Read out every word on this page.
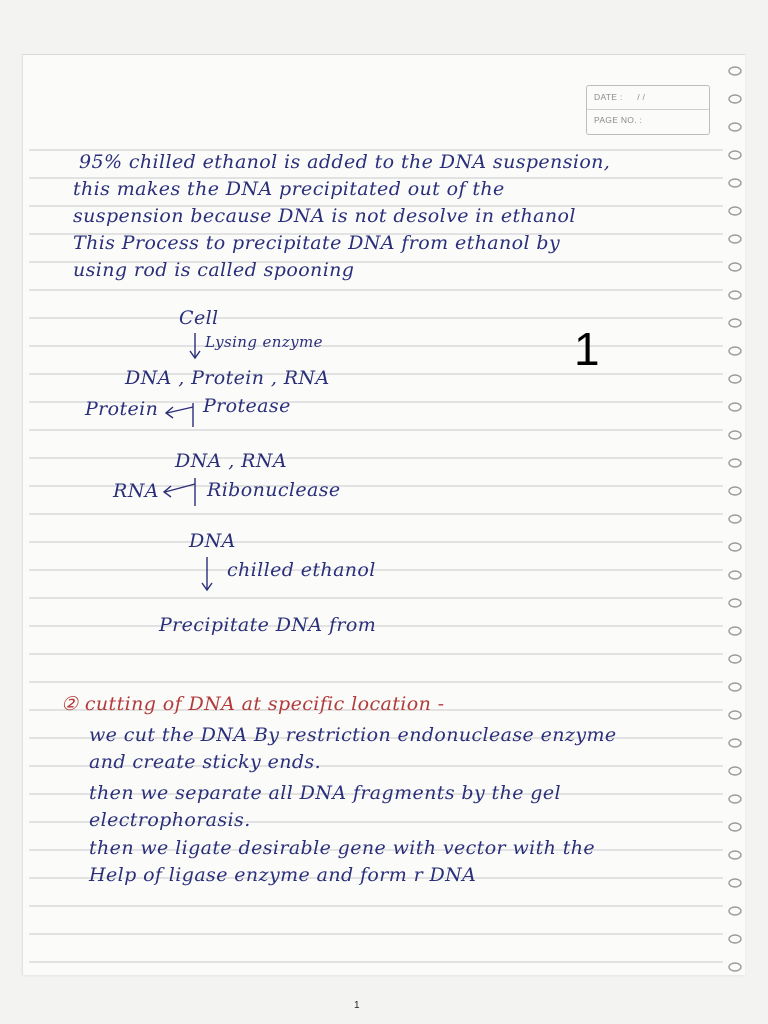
DATE : / /
PAGE NO. :
95% chilled ethanol is added to the DNA suspension,
this makes the DNA precipitated out of the
suspension because DNA is not desolve in ethanol
This Process to precipitate DNA from ethanol by
using rod is called spooning
Cell
Lysing enzyme
DNA , Protein , RNA
Protein Protease
DNA , RNA
RNA	Ribonuclease
DNA
chilled ethanol
Precipitate DNA from
② cutting of DNA at specific location -
we cut the DNA By restriction endonuclease enzyme
and create sticky ends.
then we separate all DNA fragments by the gel
electrophorasis.
then we ligate desirable gene with vector with the
Help of ligase enzyme and form r DNA
1
1
